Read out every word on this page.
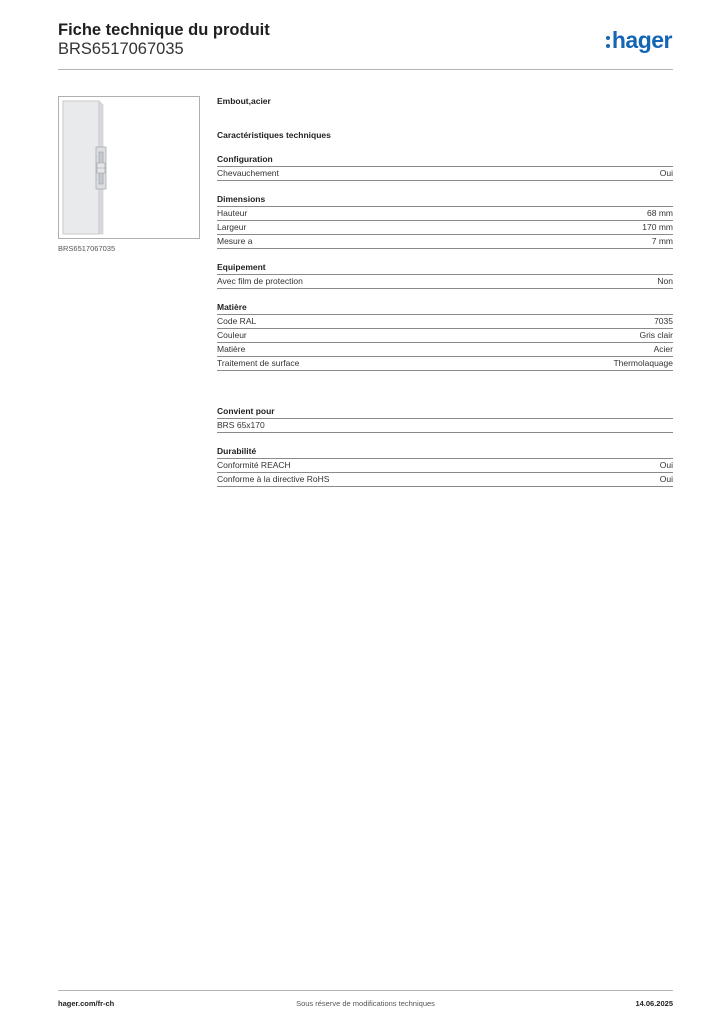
Fiche technique du produit
BRS6517067035	hager
BRS6517067035
Embout,acier
Caractéristiques techniques
Configuration
Chevauchement	Oui
Dimensions
Hauteur	68 mm
Largeur	170 mm
Mesure a	7 mm
Equipement
Avec film de protection	Non
Matière
Code RAL	7035
Couleur	Gris clair
Matière	Acier
Traitement de surface	Thermolaquage
Convient pour
BRS 65x170
Durabilité
Conformité REACH	Oui
Conforme à la directive RoHS	Oui
hager.com/fr-ch	Sous réserve de modifications techniques	14.06.2025
